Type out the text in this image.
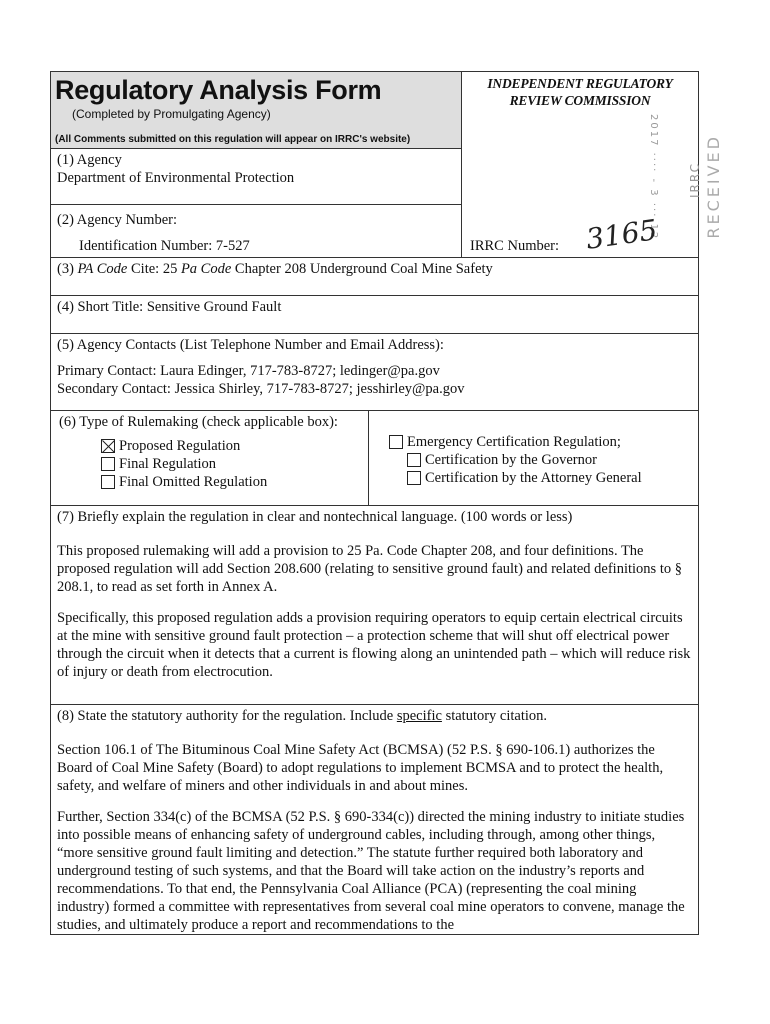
Regulatory Analysis Form
(Completed by Promulgating Agency)
(All Comments submitted on this regulation will appear on IRRC's website)
(1) Agency
Department of Environmental Protection
(2) Agency Number:
Identification Number: 7-527
INDEPENDENT REGULATORY
REVIEW COMMISSION
2017 ···· - 3 ··· 12
IRRC Number: 3165
(3) PA Code Cite: 25 Pa Code Chapter 208 Underground Coal Mine Safety
(4) Short Title: Sensitive Ground Fault

(5) Agency Contacts (List Telephone Number and Email Address):

Primary Contact: Laura Edinger, 717-783-8727; ledinger@pa.gov

Secondary Contact: Jessica Shirley, 717-783-8727; jesshirley@pa.gov

(6) Type of Rulemaking (check applicable box):
Proposed Regulation
Final Regulation
Final Omitted Regulation
Emergency Certification Regulation;
Certification by the Governor
Certification by the Attorney General

(7) Briefly explain the regulation in clear and nontechnical language. (100 words or less)

This proposed rulemaking will add a provision to 25 Pa. Code Chapter 208, and four definitions. The proposed regulation will add Section 208.600 (relating to sensitive ground fault) and related definitions to § 208.1, to read as set forth in Annex A.

Specifically, this proposed regulation adds a provision requiring operators to equip certain electrical circuits at the mine with sensitive ground fault protection – a protection scheme that will shut off electrical power through the circuit when it detects that a current is flowing along an unintended path – which will reduce risk of injury or death from electrocution.

(8) State the statutory authority for the regulation. Include specific statutory citation.

Section 106.1 of The Bituminous Coal Mine Safety Act (BCMSA) (52 P.S. § 690-106.1) authorizes the Board of Coal Mine Safety (Board) to adopt regulations to implement BCMSA and to protect the health, safety, and welfare of miners and other individuals in and about mines.

Further, Section 334(c) of the BCMSA (52 P.S. § 690-334(c)) directed the mining industry to initiate studies into possible means of enhancing safety of underground cables, including through, among other things, “more sensitive ground fault limiting and detection.” The statute further required both laboratory and underground testing of such systems, and that the Board will take action on the industry’s reports and recommendations. To that end, the Pennsylvania Coal Alliance (PCA) (representing the coal mining industry) formed a committee with representatives from several coal mine operators to convene, manage the studies, and ultimately produce a report and recommendations to the

RECEIVED
IRRC
